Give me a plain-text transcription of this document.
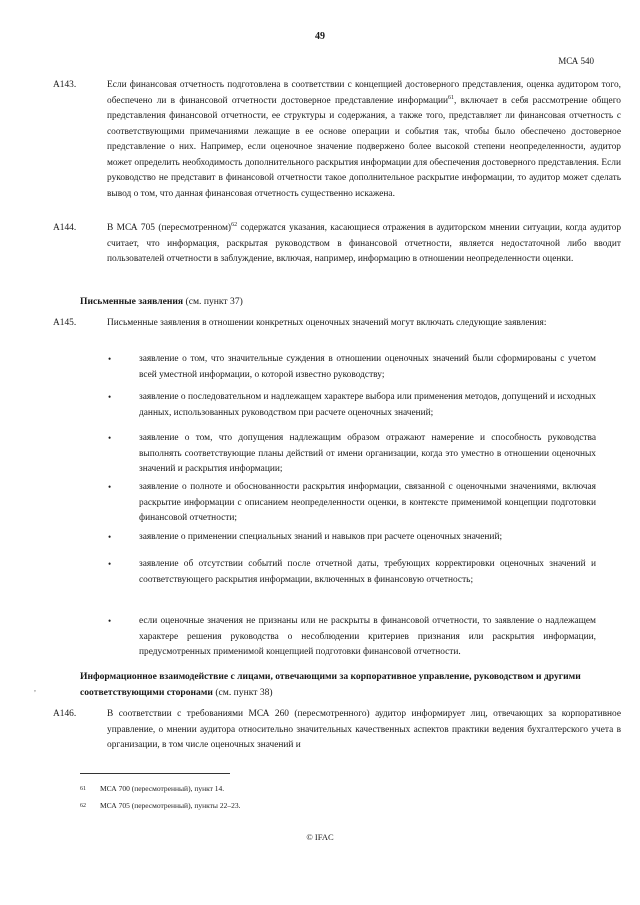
49
МСА 540
A143.	Если финансовая отчетность подготовлена в соответствии с концепцией достоверного представления, оценка аудитором того, обеспечено ли в финансовой отчетности достоверное представление информации$^{61}$, включает в себя рассмотрение общего представления финансовой отчетности, ее структуры и содержания, а также того, представляет ли финансовая отчетность с соответствующими примечаниями лежащие в ее основе операции и события так, чтобы было обеспечено достоверное представление о них. Например, если оценочное значение подвержено более высокой степени неопределенности, аудитор может определить необходимость дополнительного раскрытия информации для обеспечения достоверного представления. Если руководство не представит в финансовой отчетности такое дополнительное раскрытие информации, то аудитор может сделать вывод о том, что данная финансовая отчетность существенно искажена.
A144.	В МСА 705 (пересмотренном)$^{62}$ содержатся указания, касающиеся отражения в аудиторском мнении ситуации, когда аудитор считает, что информация, раскрытая руководством в финансовой отчетности, является недостаточной либо вводит пользователей отчетности в заблуждение, включая, например, информацию в отношении неопределенности оценки.
Письменные заявления (см. пункт 37)
A145.	Письменные заявления в отношении конкретных оценочных значений могут включать следующие заявления:
•	заявление о том, что значительные суждения в отношении оценочных значений были сформированы с учетом всей уместной информации, о которой известно руководству;
•	заявление о последовательном и надлежащем характере выбора или применения методов, допущений и исходных данных, использованных руководством при расчете оценочных значений;
•	заявление о том, что допущения надлежащим образом отражают намерение и способность руководства выполнять соответствующие планы действий от имени организации, когда это уместно в отношении оценочных значений и раскрытия информации;
•	заявление о полноте и обоснованности раскрытия информации, связанной с оценочными значениями, включая раскрытие информации с описанием неопределенности оценки, в контексте применимой концепции подготовки финансовой отчетности;
•	заявление о применении специальных знаний и навыков при расчете оценочных значений;
•	заявление об отсутствии событий после отчетной даты, требующих корректировки оценочных значений и соответствующего раскрытия информации, включенных в финансовую отчетность;
•	если оценочные значения не признаны или не раскрыты в финансовой отчетности, то заявление о надлежащем характере решения руководства о несоблюдении критериев признания или раскрытия информации, предусмотренных применимой концепцией подготовки финансовой отчетности.
Информационное взаимодействие с лицами, отвечающими за корпоративное управление, руководством и другими соответствующими сторонами (см. пункт 38)
,
A146.	В соответствии с требованиями МСА 260 (пересмотренного) аудитор информирует лиц, отвечающих за корпоративное управление, о мнении аудитора относительно значительных качественных аспектов практики ведения бухгалтерского учета в организации, в том числе оценочных значений и
61 МСА 700 (пересмотренный), пункт 14.
62 МСА 705 (пересмотренный), пункты 22–23.
© IFAC
